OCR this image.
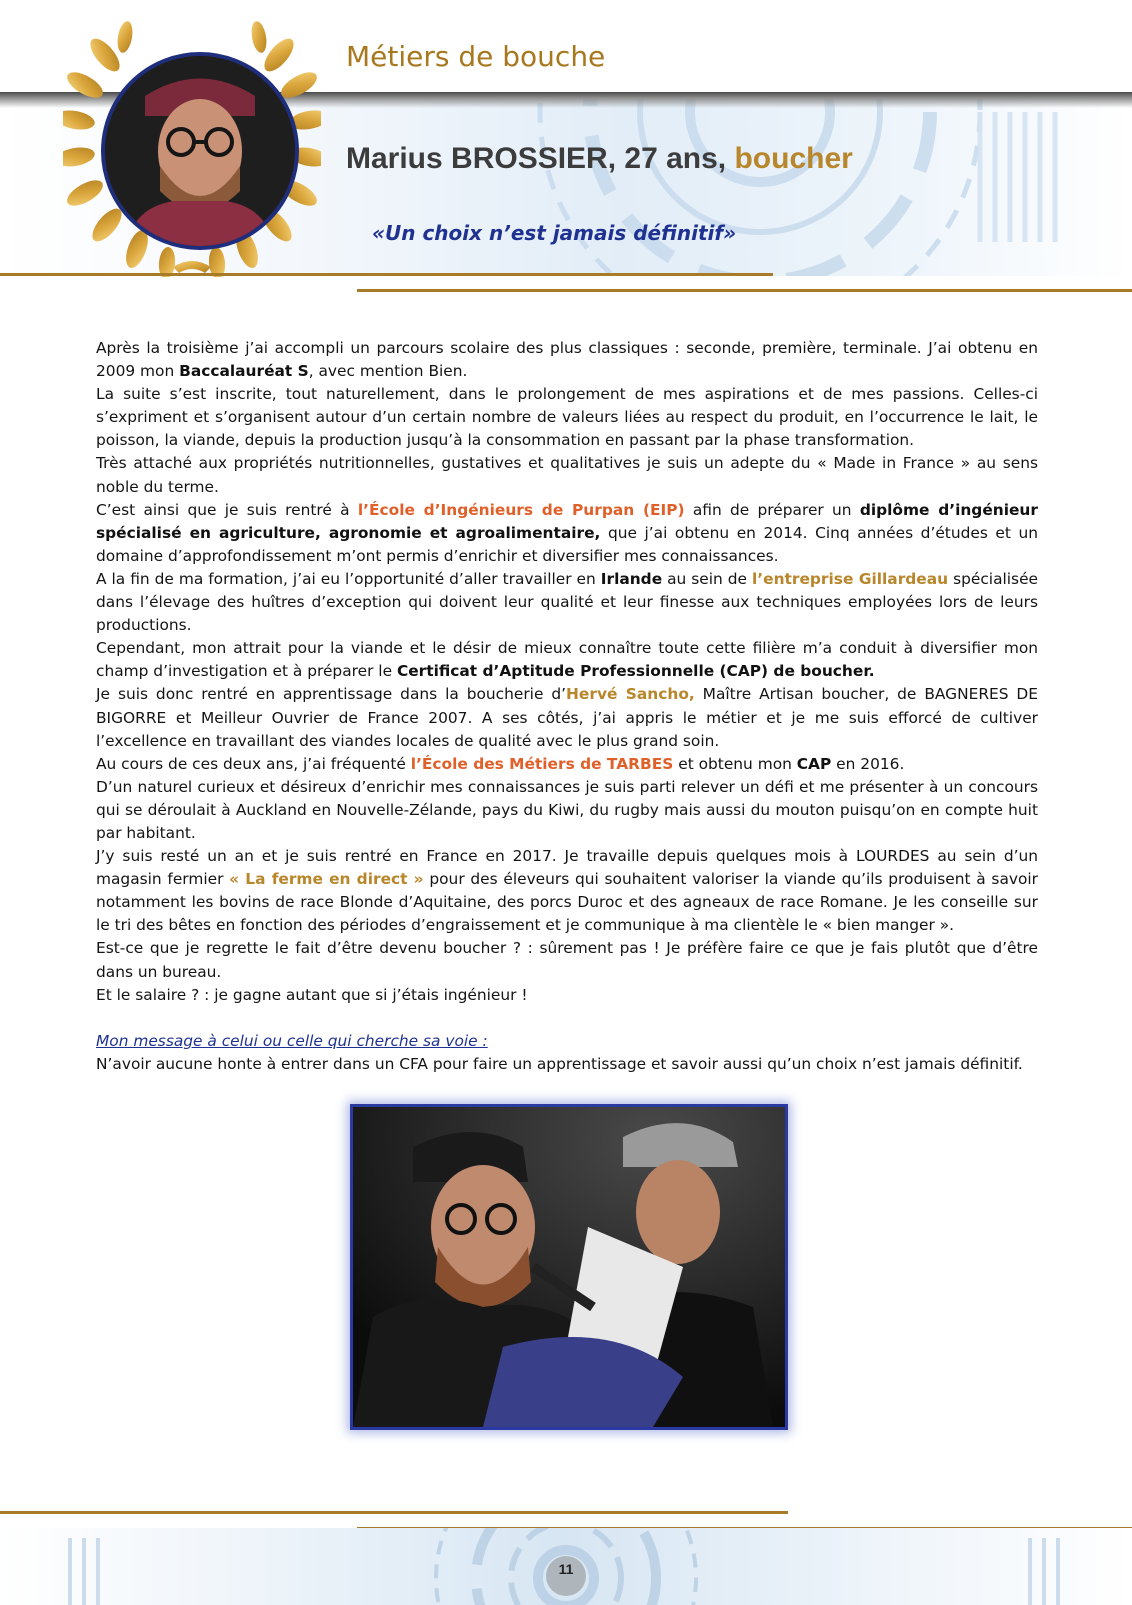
Métiers de bouche
Marius BROSSIER, 27 ans, boucher
«Un choix n’est jamais définitif»

Après la troisième j’ai accompli un parcours scolaire des plus classiques : seconde, première, terminale. J’ai obtenu en 2009 mon Baccalauréat S, avec mention Bien.

La suite s’est inscrite, tout naturellement, dans le prolongement de mes aspirations et de mes passions. Celles-ci s’expriment et s’organisent autour d’un certain nombre de valeurs liées au respect du produit, en l’occurrence le lait, le poisson, la viande, depuis la production jusqu’à la consommation en passant par la phase transformation.

Très attaché aux propriétés nutritionnelles, gustatives et qualitatives je suis un adepte du « Made in France » au sens noble du terme.

C’est ainsi que je suis rentré à l’École d’Ingénieurs de Purpan (EIP) afin de préparer un diplôme d’ingénieur spécialisé en agriculture, agronomie et agroalimentaire, que j’ai obtenu en 2014. Cinq années d’études et un domaine d’approfondissement m’ont permis d’enrichir et diversifier mes connaissances.

A la fin de ma formation, j’ai eu l’opportunité d’aller travailler en Irlande au sein de l’entreprise Gillardeau spécialisée dans l’élevage des huîtres d’exception qui doivent leur qualité et leur finesse aux techniques employées lors de leurs productions.

Cependant, mon attrait pour la viande et le désir de mieux connaître toute cette filière m’a conduit à diversifier mon champ d’investigation et à préparer le Certificat d’Aptitude Professionnelle (CAP) de boucher.

Je suis donc rentré en apprentissage dans la boucherie d’Hervé Sancho, Maître Artisan boucher, de BAGNERES DE BIGORRE et Meilleur Ouvrier de France 2007. A ses côtés, j’ai appris le métier et je me suis efforcé de cultiver l’excellence en travaillant des viandes locales de qualité avec le plus grand soin.

Au cours de ces deux ans, j’ai fréquenté l’École des Métiers de TARBES et obtenu mon CAP en 2016.

D’un naturel curieux et désireux d’enrichir mes connaissances je suis parti relever un défi et me présenter à un concours qui se déroulait à Auckland en Nouvelle-Zélande, pays du Kiwi, du rugby mais aussi du mouton puisqu’on en compte huit par habitant.

J’y suis resté un an et je suis rentré en France en 2017. Je travaille depuis quelques mois à LOURDES au sein d’un magasin fermier « La ferme en direct » pour des éleveurs qui souhaitent valoriser la viande qu’ils produisent à savoir notamment les bovins de race Blonde d’Aquitaine, des porcs Duroc et des agneaux de race Romane. Je les conseille sur le tri des bêtes en fonction des périodes d’engraissement et je communique à ma clientèle le « bien manger ».

Est-ce que je regrette le fait d’être devenu boucher ? : sûrement pas ! Je préfère faire ce que je fais plutôt que d’être dans un bureau.

Et le salaire ? : je gagne autant que si j’étais ingénieur !

Mon message à celui ou celle qui cherche sa voie :

N’avoir aucune honte à entrer dans un CFA pour faire un apprentissage et savoir aussi qu’un choix n’est jamais définitif.

11
